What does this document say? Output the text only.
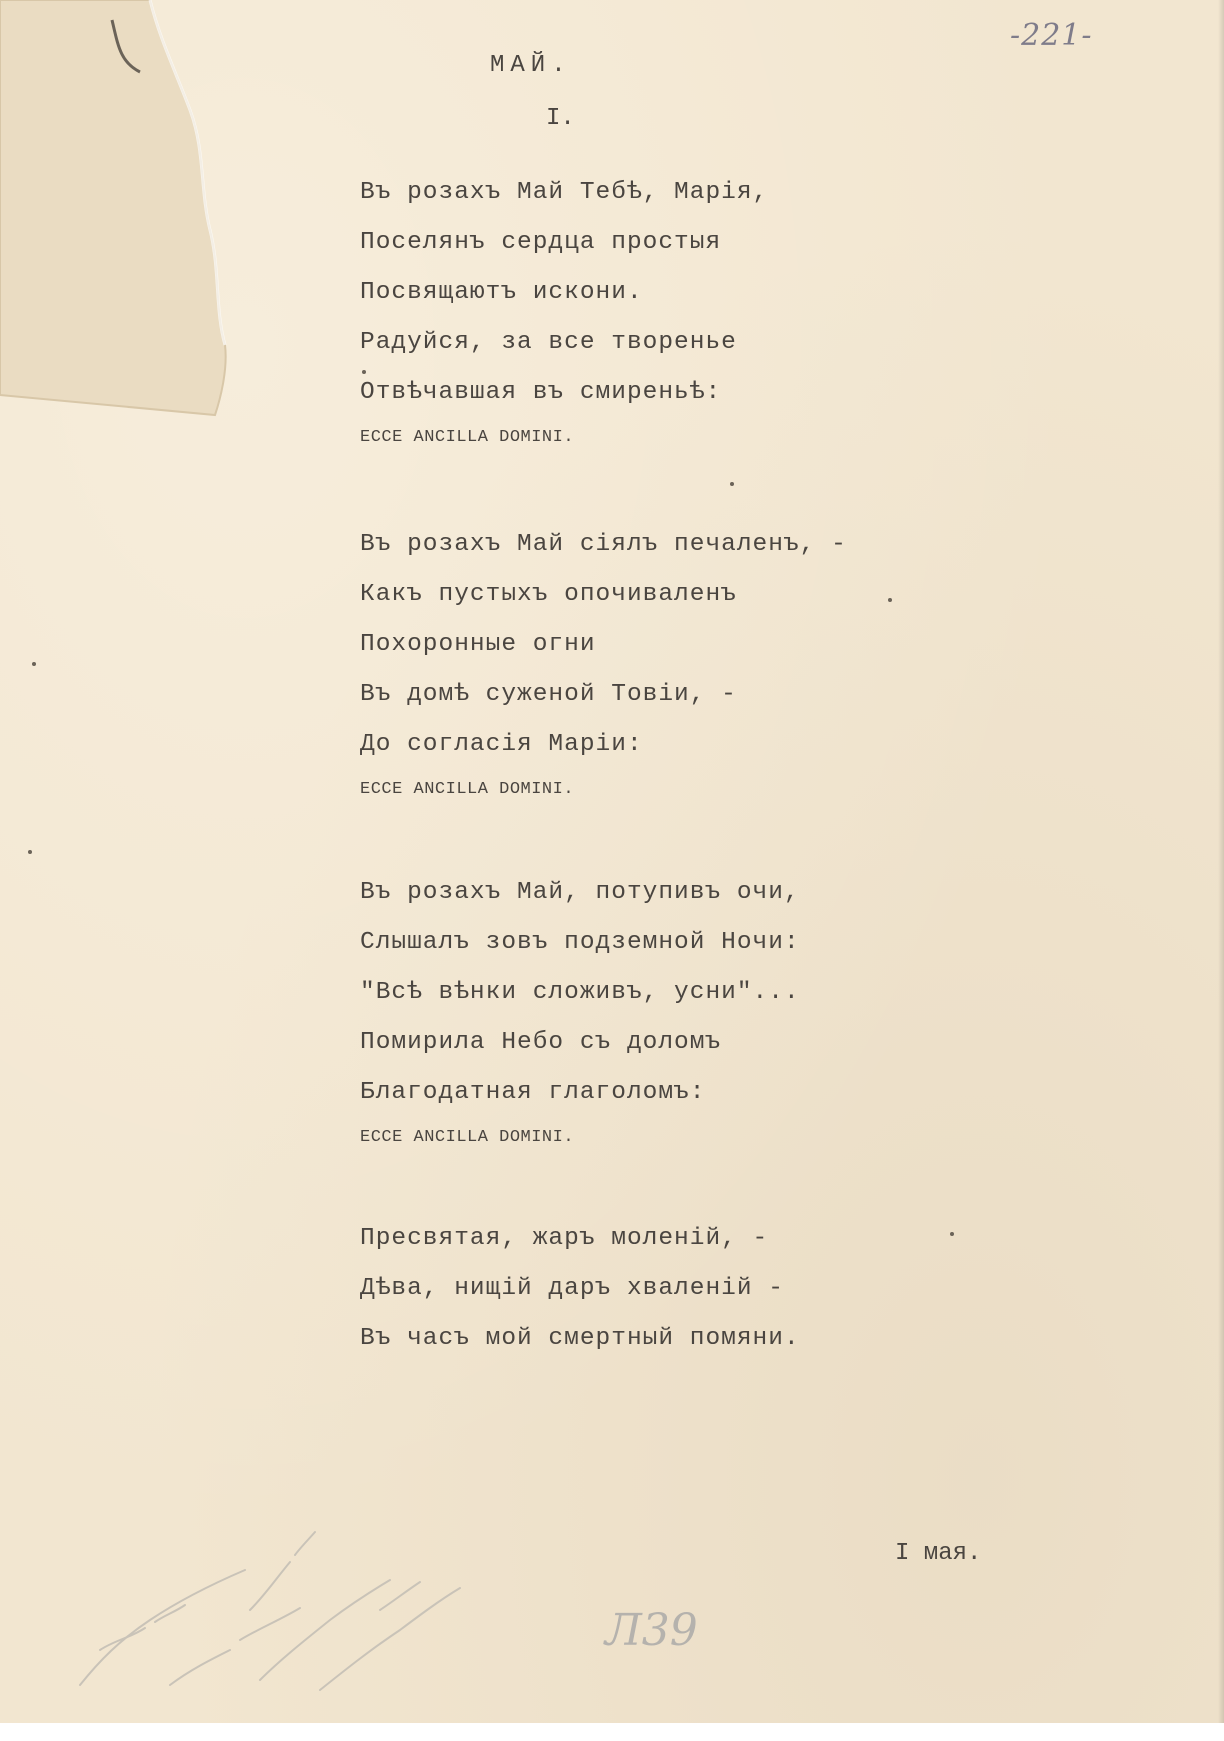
-221-
МАЙ.
I.
Въ розахъ Май Тебѣ, Марія,
Поселянъ сердца простыя
Посвящаютъ искони.
Радуйся, за все творенье
Отвѣчавшая въ смиреньѣ:
ECCE ANCILLA DOMINI.
Въ розахъ Май сіялъ печаленъ, -
Какъ пустыхъ опочиваленъ
Похоронные огни
Въ домѣ суженой Товіи, -
До согласія Маріи:
ECCE ANCILLA DOMINI.
Въ розахъ Май, потупивъ очи,
Слышалъ зовъ подземной Ночи:
"Всѣ вѣнки сложивъ, усни"...
Помирила Небо съ доломъ
Благодатная глаголомъ:
ECCE ANCILLA DOMINI.
Пресвятая, жаръ моленій, -
Дѣва, нищій даръ хваленій -
Въ часъ мой смертный помяни.
I мая.
Л39
